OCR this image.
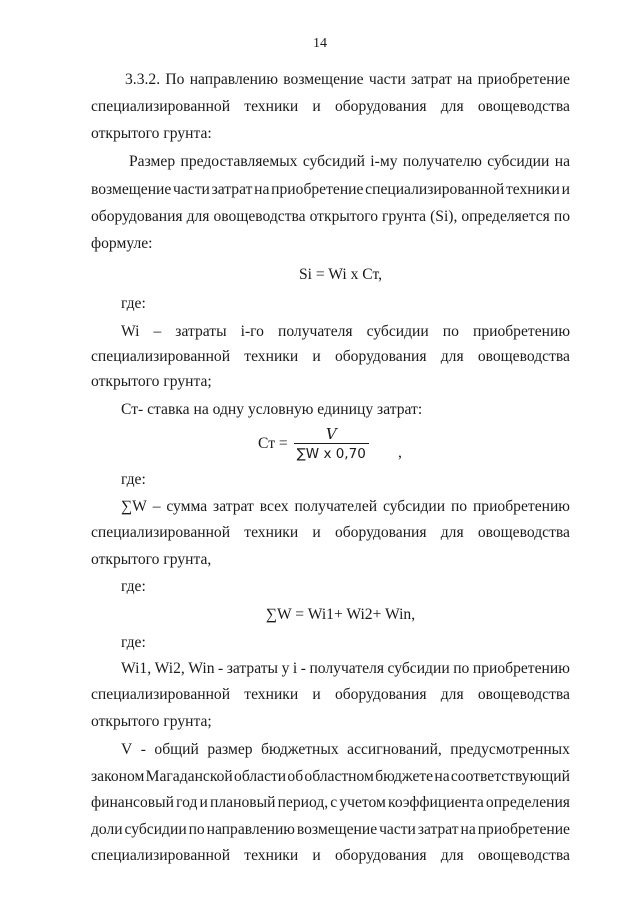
14
3.3.2. По направлению возмещение части затрат на приобретение
специализированной техники и оборудования для овощеводства
открытого грунта:
Размер предоставляемых субсидий i-му получателю субсидии на
возмещение части затрат на приобретение специализированной техники и
оборудования для овощеводства открытого грунта (Si), определяется по
формуле:
Si = Wi x Ст,
где:
Wi – затраты i-го получателя субсидии по приобретению
специализированной техники и оборудования для овощеводства
открытого грунта;
Ст- ставка на одну условную единицу затрат:
где:
∑W – сумма затрат всех получателей субсидии по приобретению
специализированной техники и оборудования для овощеводства
открытого грунта,
где:
∑W = Wi1+ Wi2+ Win,
где:
Wi1, Wi2, Win - затраты у i - получателя субсидии по приобретению
специализированной техники и оборудования для овощеводства
открытого грунта;
V - общий размер бюджетных ассигнований, предусмотренных
законом Магаданской области об областном бюджете на соответствующий
финансовый год и плановый период, с учетом коэффициента определения
доли субсидии по направлению возмещение части затрат на приобретение
специализированной техники и оборудования для овощеводства
Ст = $\frac{V}{\text{∑W x 0,70}}$ ,
